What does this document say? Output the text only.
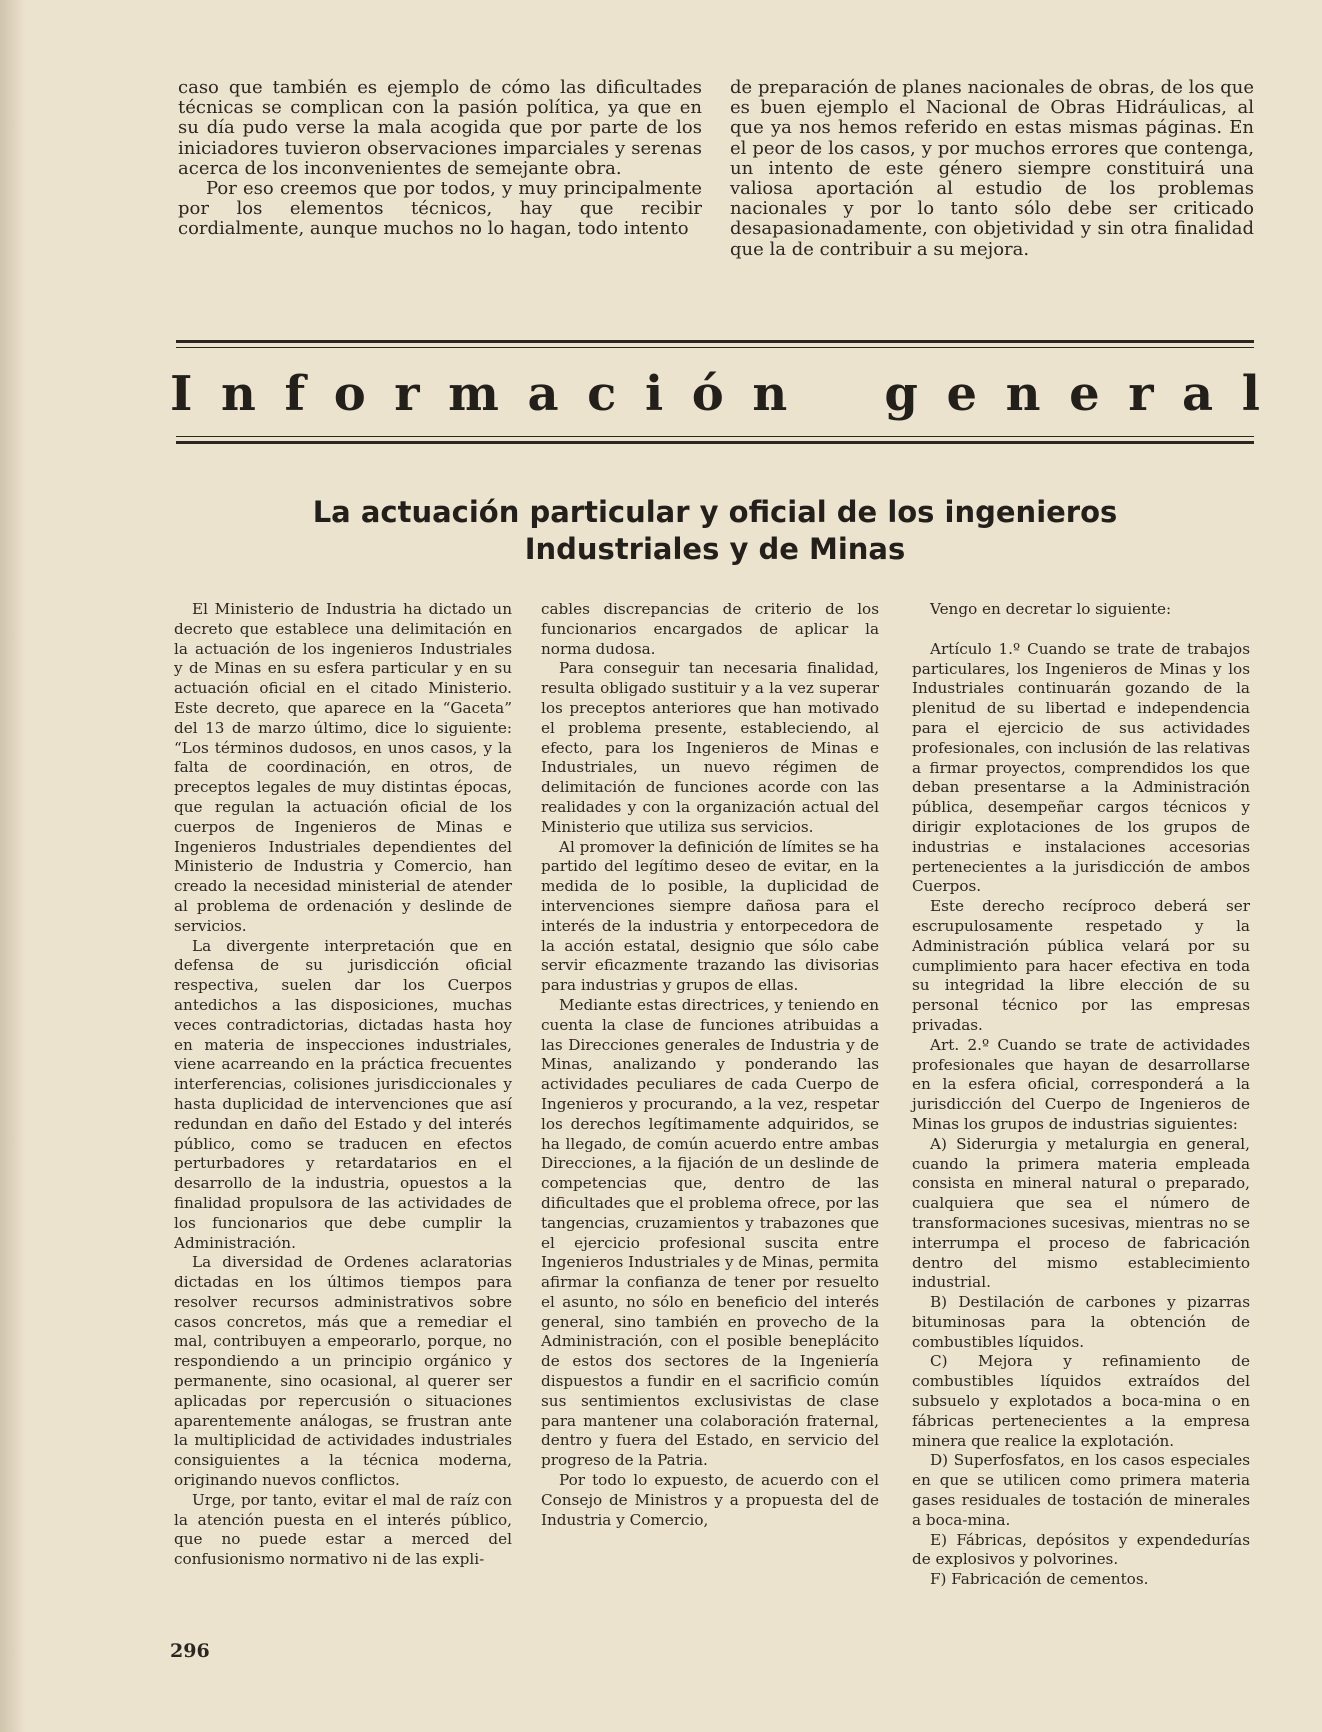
caso que también es ejemplo de cómo las dificultades técnicas se complican con la pasión política, ya que en su día pudo verse la mala acogida que por parte de los iniciadores tuvieron observaciones imparciales y serenas acerca de los inconvenientes de semejante obra.

Por eso creemos que por todos, y muy principalmente por los elementos técnicos, hay que recibir cordialmente, aunque muchos no lo hagan, todo intento

de preparación de planes nacionales de obras, de los que es buen ejemplo el Nacional de Obras Hidráulicas, al que ya nos hemos referido en estas mismas páginas. En el peor de los casos, y por muchos errores que contenga, un intento de este género siempre constituirá una valiosa aportación al estudio de los problemas nacionales y por lo tanto sólo debe ser criticado desapasionadamente, con objetividad y sin otra finalidad que la de contribuir a su mejora.

I n f o r m a c i ó n g e n e r a l
La actuación particular y oficial de los ingenieros
Industriales y de Minas

El Ministerio de Industria ha dictado un decreto que establece una delimitación en la actuación de los ingenieros Industriales y de Minas en su esfera particular y en su actuación oficial en el citado Ministerio. Este decreto, que aparece en la “Gaceta” del 13 de marzo último, dice lo siguiente: “Los términos dudosos, en unos casos, y la falta de coordinación, en otros, de preceptos legales de muy distintas épocas, que regulan la actuación oficial de los cuerpos de Ingenieros de Minas e Ingenieros Industriales dependientes del Ministerio de Industria y Comercio, han creado la necesidad ministerial de atender al problema de ordenación y deslinde de servicios.

La divergente interpretación que en defensa de su jurisdicción oficial respectiva, suelen dar los Cuerpos antedichos a las disposiciones, muchas veces contradictorias, dictadas hasta hoy en materia de inspecciones industriales, viene acarreando en la práctica frecuentes interferencias, colisiones jurisdiccionales y hasta duplicidad de intervenciones que así redundan en daño del Estado y del interés público, como se traducen en efectos perturbadores y retardatarios en el desarrollo de la industria, opuestos a la finalidad propulsora de las actividades de los funcionarios que debe cumplir la Administración.

La diversidad de Ordenes aclaratorias dictadas en los últimos tiempos para resolver recursos administrativos sobre casos concretos, más que a remediar el mal, contribuyen a empeorarlo, porque, no respondiendo a un principio orgánico y permanente, sino ocasional, al querer ser aplicadas por repercusión o situaciones aparentemente análogas, se frustran ante la multiplicidad de actividades industriales consiguientes a la técnica moderna, originando nuevos conflictos.

Urge, por tanto, evitar el mal de raíz con la atención puesta en el interés público, que no puede estar a merced del confusionismo normativo ni de las expli-

cables discrepancias de criterio de los funcionarios encargados de aplicar la norma dudosa.

Para conseguir tan necesaria finalidad, resulta obligado sustituir y a la vez superar los preceptos anteriores que han motivado el problema presente, estableciendo, al efecto, para los Ingenieros de Minas e Industriales, un nuevo régimen de delimitación de funciones acorde con las realidades y con la organización actual del Ministerio que utiliza sus servicios.

Al promover la definición de límites se ha partido del legítimo deseo de evitar, en la medida de lo posible, la duplicidad de intervenciones siempre dañosa para el interés de la industria y entorpecedora de la acción estatal, designio que sólo cabe servir eficazmente trazando las divisorias para industrias y grupos de ellas.

Mediante estas directrices, y teniendo en cuenta la clase de funciones atribuidas a las Direcciones generales de Industria y de Minas, analizando y ponderando las actividades peculiares de cada Cuerpo de Ingenieros y procurando, a la vez, respetar los derechos legítimamente adquiridos, se ha llegado, de común acuerdo entre ambas Direcciones, a la fijación de un deslinde de competencias que, dentro de las dificultades que el problema ofrece, por las tangencias, cruzamientos y trabazones que el ejercicio profesional suscita entre Ingenieros Industriales y de Minas, permita afirmar la confianza de tener por resuelto el asunto, no sólo en beneficio del interés general, sino también en provecho de la Administración, con el posible beneplácito de estos dos sectores de la Ingeniería dispuestos a fundir en el sacrificio común sus sentimientos exclusivistas de clase para mantener una colaboración fraternal, dentro y fuera del Estado, en servicio del progreso de la Patria.

Por todo lo expuesto, de acuerdo con el Consejo de Ministros y a propuesta del de Industria y Comercio,

Vengo en decretar lo siguiente:

Artículo 1.º Cuando se trate de trabajos particulares, los Ingenieros de Minas y los Industriales continuarán gozando de la plenitud de su libertad e independencia para el ejercicio de sus actividades profesionales, con inclusión de las relativas a firmar proyectos, comprendidos los que deban presentarse a la Administración pública, desempeñar cargos técnicos y dirigir explotaciones de los grupos de industrias e instalaciones accesorias pertenecientes a la jurisdicción de ambos Cuerpos.

Este derecho recíproco deberá ser escrupulosamente respetado y la Administración pública velará por su cumplimiento para hacer efectiva en toda su integridad la libre elección de su personal técnico por las empresas privadas.

Art. 2.º Cuando se trate de actividades profesionales que hayan de desarrollarse en la esfera oficial, corresponderá a la jurisdicción del Cuerpo de Ingenieros de Minas los grupos de industrias siguientes:

A) Siderurgia y metalurgia en general, cuando la primera materia empleada consista en mineral natural o preparado, cualquiera que sea el número de transformaciones sucesivas, mientras no se interrumpa el proceso de fabricación dentro del mismo establecimiento industrial.

B) Destilación de carbones y pizarras bituminosas para la obtención de combustibles líquidos.

C) Mejora y refinamiento de combustibles líquidos extraídos del subsuelo y explotados a boca-mina o en fábricas pertenecientes a la empresa minera que realice la explotación.

D) Superfosfatos, en los casos especiales en que se utilicen como primera materia gases residuales de tostación de minerales a boca-mina.

E) Fábricas, depósitos y expendedurías de explosivos y polvorines.

F) Fabricación de cementos.

296
